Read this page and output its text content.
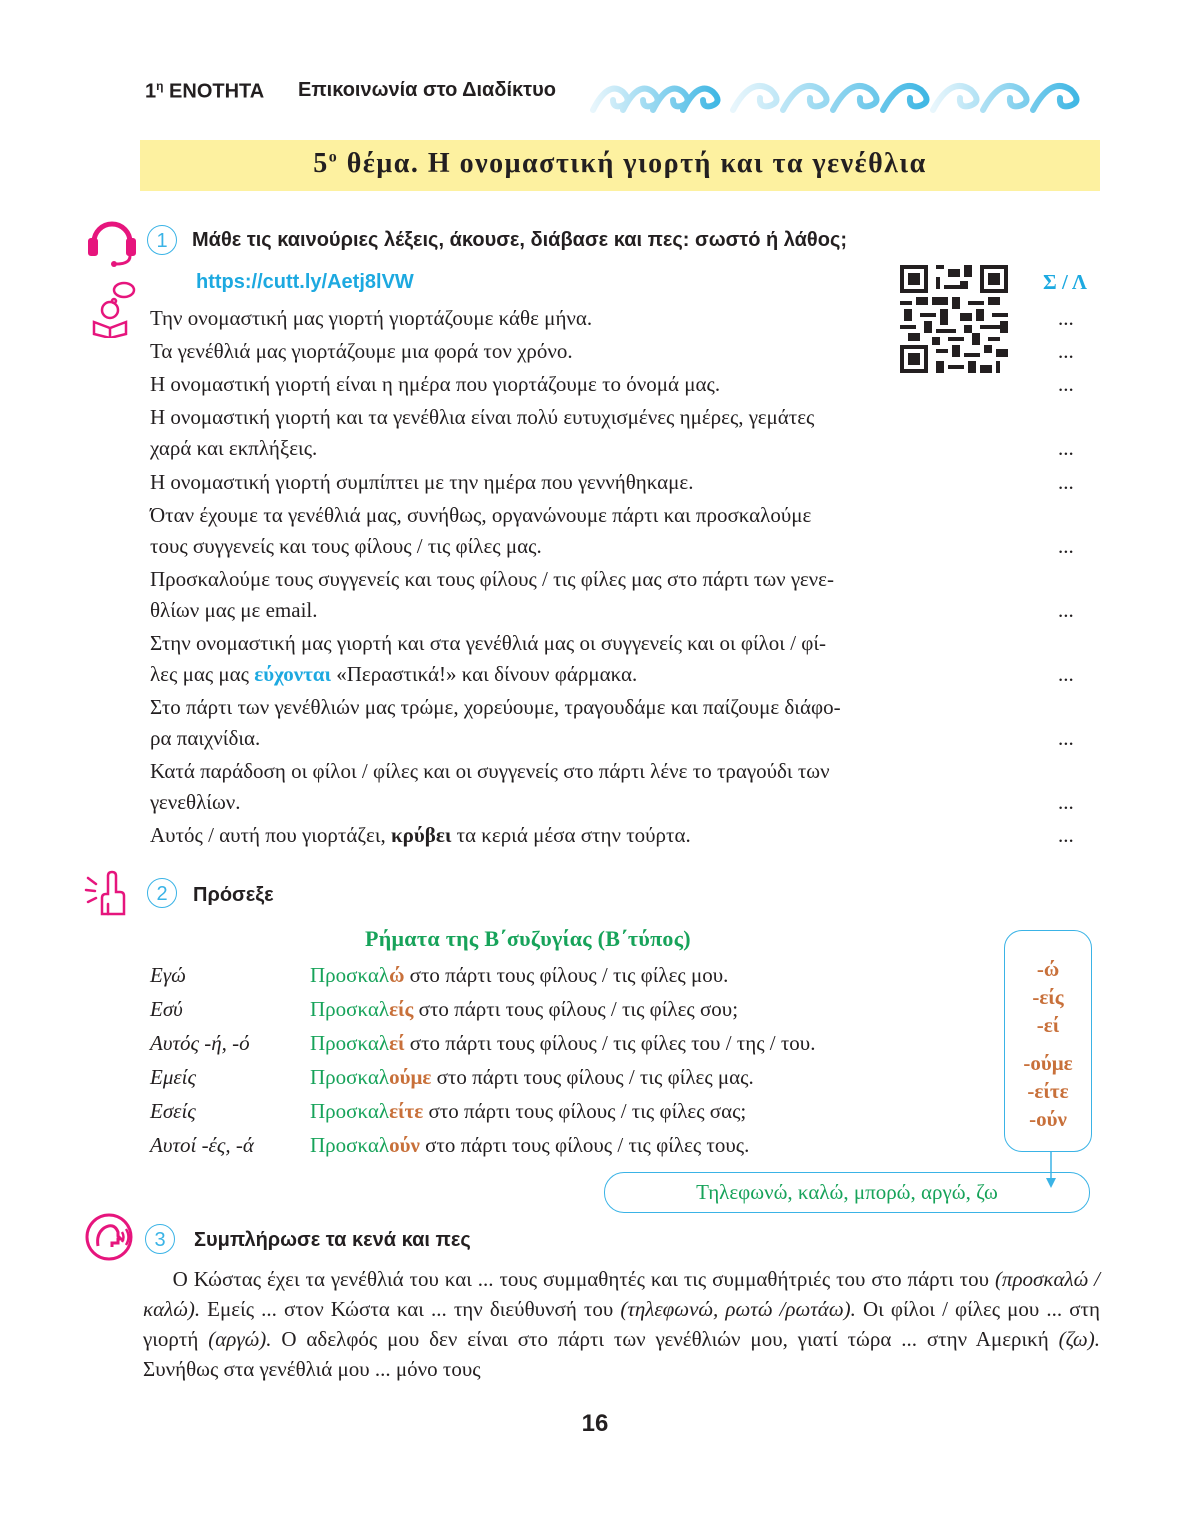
$1^\eta$ ΕΝΟΤΗΤΑ Επικοινωνία στο Διαδίκτυο
$5^o$ θέμα. Η ονομαστική γιορτή και τα γενέθλια
1	Μάθε τις καινούριες λέξεις, άκουσε, διάβασε και πες: σωστό ή λάθος;
https://cutt.ly/Aetj8lVW	Σ / Λ
Την ονομαστική μας γιορτή γιορτάζουμε κάθε μήνα.	...
Τα γενέθλιά μας γιορτάζουμε μια φορά τον χρόνο.	...
Η ονομαστική γιορτή είναι η ημέρα που γιορτάζουμε το όνομά μας.	...
Η ονομαστική γιορτή και τα γενέθλια είναι πολύ ευτυχισμένες ημέρες, γεμάτες
χαρά και εκπλήξεις.	...
Η ονομαστική γιορτή συμπίπτει με την ημέρα που γεννήθηκαμε.	...
Όταν έχουμε τα γενέθλιά μας, συνήθως, οργανώνουμε πάρτι και προσκαλούμε
τους συγγενείς και τους φίλους / τις φίλες μας.	...
Προσκαλούμε τους συγγενείς και τους φίλους / τις φίλες μας στο πάρτι των γενε-
θλίων μας με email.	...
Στην ονομαστική μας γιορτή και στα γενέθλιά μας οι συγγενείς και οι φίλοι / φί-
λες μας μας εύχονται «Περαστικά!» και δίνουν φάρμακα.	...
Στο πάρτι των γενέθλιών μας τρώμε, χορεύουμε, τραγουδάμε και παίζουμε διάφο-
ρα παιχνίδια.	...
Κατά παράδοση οι φίλοι / φίλες και οι συγγενείς στο πάρτι λένε το τραγούδι των
γενεθλίων.	...
Αυτός / αυτή που γιορτάζει, κρύβει τα κεριά μέσα στην τούρτα.	...
2	Πρόσεξε
Ρήματα της Β΄συζυγίας (Β΄τύπος)
Εγώ	Προσκαλώ στο πάρτι τους φίλους / τις φίλες μου.
Εσύ	Προσκαλείς στο πάρτι τους φίλους / τις φίλες σου;
Αυτός -ή, -ό	Προσκαλεί στο πάρτι τους φίλους / τις φίλες του / της / του.
Εμείς	Προσκαλούμε στο πάρτι τους φίλους / τις φίλες μας.
Εσείς	Προσκαλείτε στο πάρτι τους φίλους / τις φίλες σας;
Αυτοί -ές, -ά	Προσκαλούν στο πάρτι τους φίλους / τις φίλες τους.
-ώ
-είς
-εί
-ούμε
-είτε
-ούν
Τηλεφωνώ, καλώ, μπορώ, αργώ, ζω
3	Συμπλήρωσε τα κενά και πες
Ο Κώστας έχει τα γενέθλιά του και ... τους συμμαθητές και τις συμμαθήτριές του στο πάρτι του (προσκαλώ / καλώ). Εμείς ... στον Κώστα και ... την διεύθυνσή του (τηλεφωνώ, ρωτώ /ρωτάω). Οι φίλοι / φίλες μου ... στη γιορτή (αργώ). Ο αδελφός μου δεν είναι στο πάρτι των γενέθλιών μου, γιατί τώρα ... στην Αμερική (ζω). Συνήθως στα γενέθλιά μου ... μόνο τους
16
